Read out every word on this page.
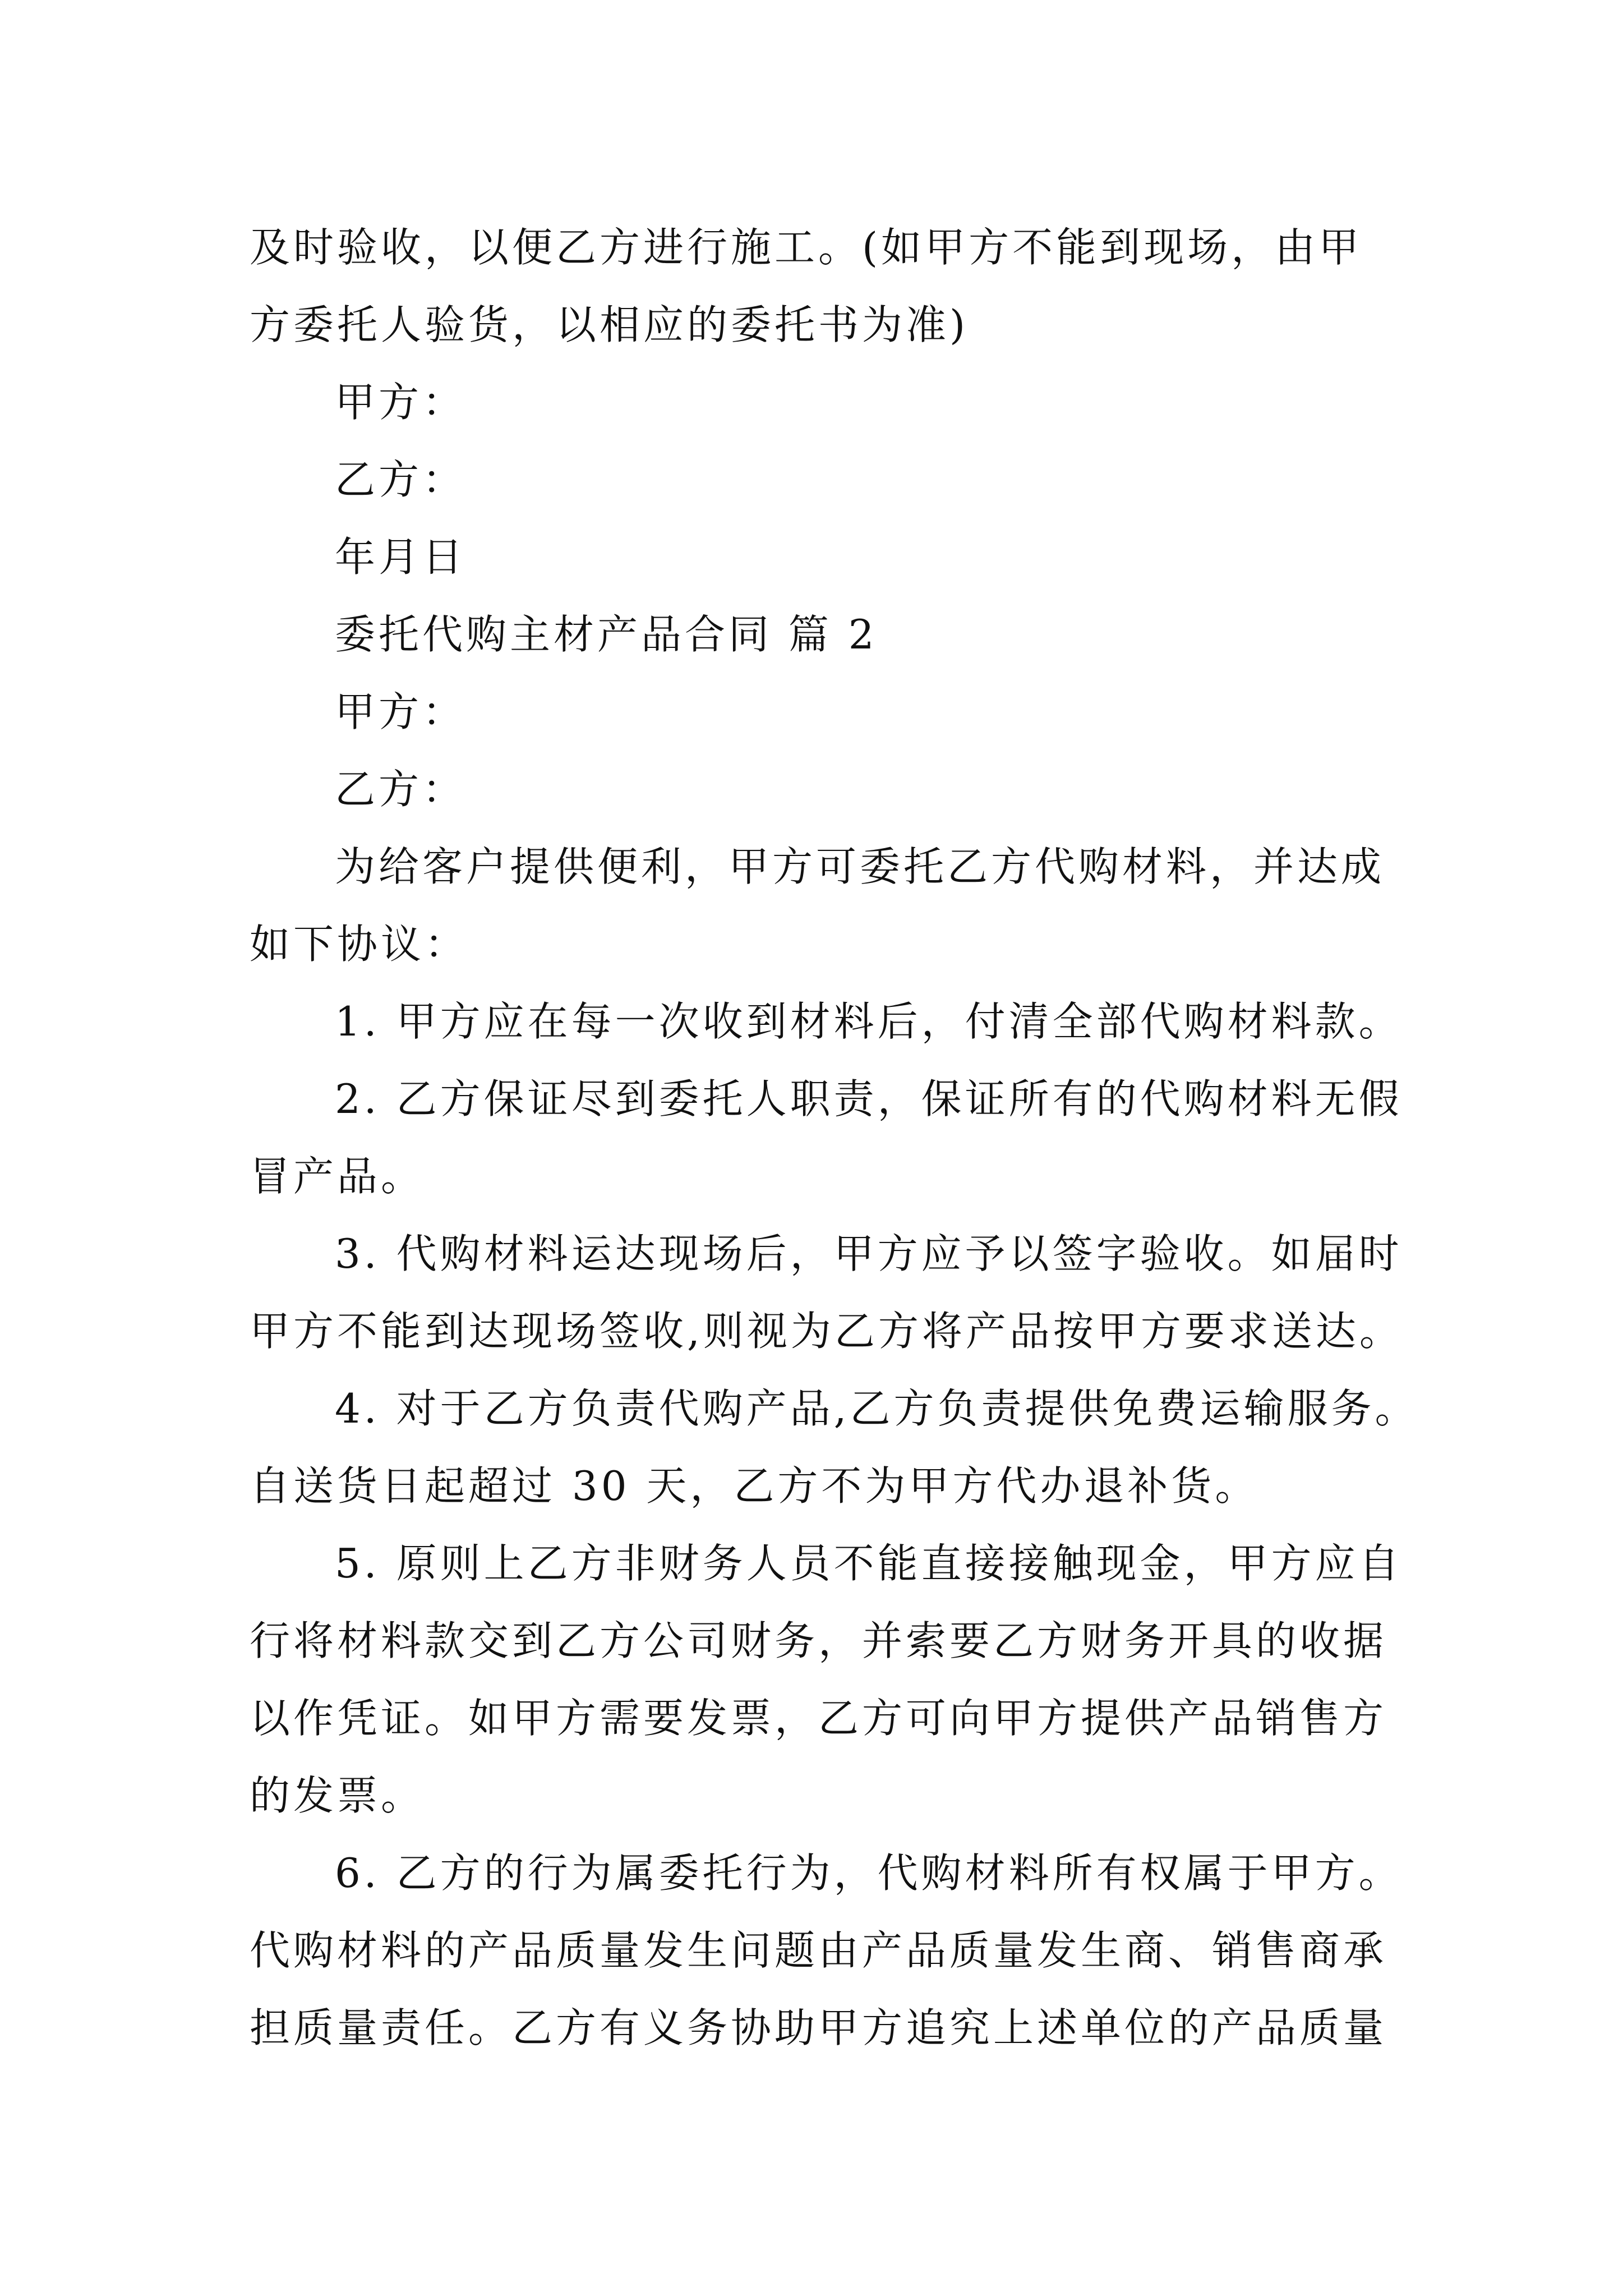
及时验收，以便乙方进行施工。(如甲方不能到现场，由甲
方委托人验货，以相应的委托书为准)
甲方：
乙方：
年月日
委托代购主材产品合同 篇 2
甲方：
乙方：
为给客户提供便利，甲方可委托乙方代购材料，并达成
如下协议：
1. 甲方应在每一次收到材料后，付清全部代购材料款。
2. 乙方保证尽到委托人职责，保证所有的代购材料无假
冒产品。
3. 代购材料运达现场后，甲方应予以签字验收。如届时
甲方不能到达现场签收,则视为乙方将产品按甲方要求送达。
4. 对于乙方负责代购产品,乙方负责提供免费运输服务。
自送货日起超过 30 天，乙方不为甲方代办退补货。
5. 原则上乙方非财务人员不能直接接触现金，甲方应自
行将材料款交到乙方公司财务，并索要乙方财务开具的收据
以作凭证。如甲方需要发票，乙方可向甲方提供产品销售方
的发票。
6. 乙方的行为属委托行为，代购材料所有权属于甲方。
代购材料的产品质量发生问题由产品质量发生商、销售商承
担质量责任。乙方有义务协助甲方追究上述单位的产品质量
